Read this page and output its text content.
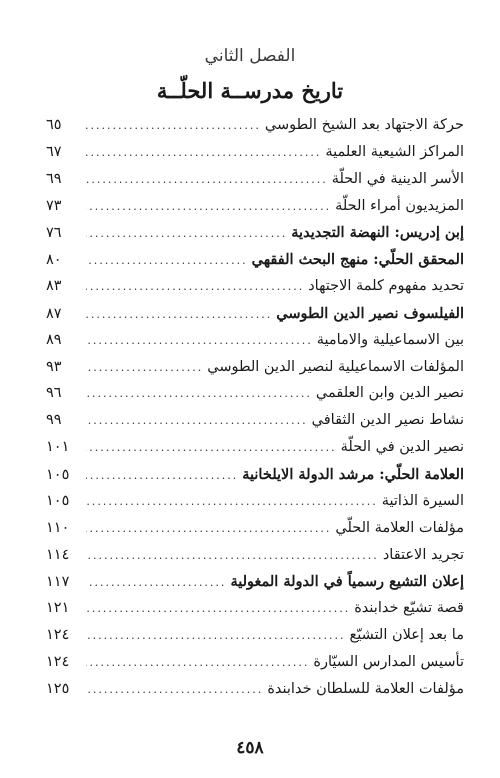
الفصل الثاني
تاريخ مدرســة الحلّــة
حركة الاجتهاد بعد الشيخ الطوسي
.....
٦٥
المراكز الشيعية العلمية
.....
٦٧
الأسر الدينية في الحلّة
.....
٦٩
المزيديون أمراء الحلّة
.....
٧٣
إبن إدريس: النهضة التجديدية
.....
٧٦
المحقق الحلّي: منهج البحث الفقهي
.....
٨٠
تحديد مفهوم كلمة الاجتهاد
.....
٨٣
الفيلسوف نصير الدين الطوسي
.....
٨٧
بين الاسماعيلية والامامية
.....
٨٩
المؤلفات الاسماعيلية لنصير الدين الطوسي
.....
٩٣
نصير الدين وابن العلقمي
.....
٩٦
نشاط نصير الدين الثقافي
.....
٩٩
نصير الدين في الحلّة
.....
١٠١
العلامة الحلّي: مرشد الدولة الايلخانية
.....
١٠٥
السيرة الذاتية
.....
١٠٥
مؤلفات العلامة الحلّي
.....
١١٠
تجريد الاعتقاد
.....
١١٤
إعلان التشيع رسمياً في الدولة المغولية
.....
١١٧
قصة تشيّع خدابندة
.....
١٢١
ما بعد إعلان التشيّع
.....
١٢٤
تأسيس المدارس السيّارة
.....
١٢٤
مؤلفات العلامة للسلطان خدابندة
.....
١٢٥
٤٥٨
